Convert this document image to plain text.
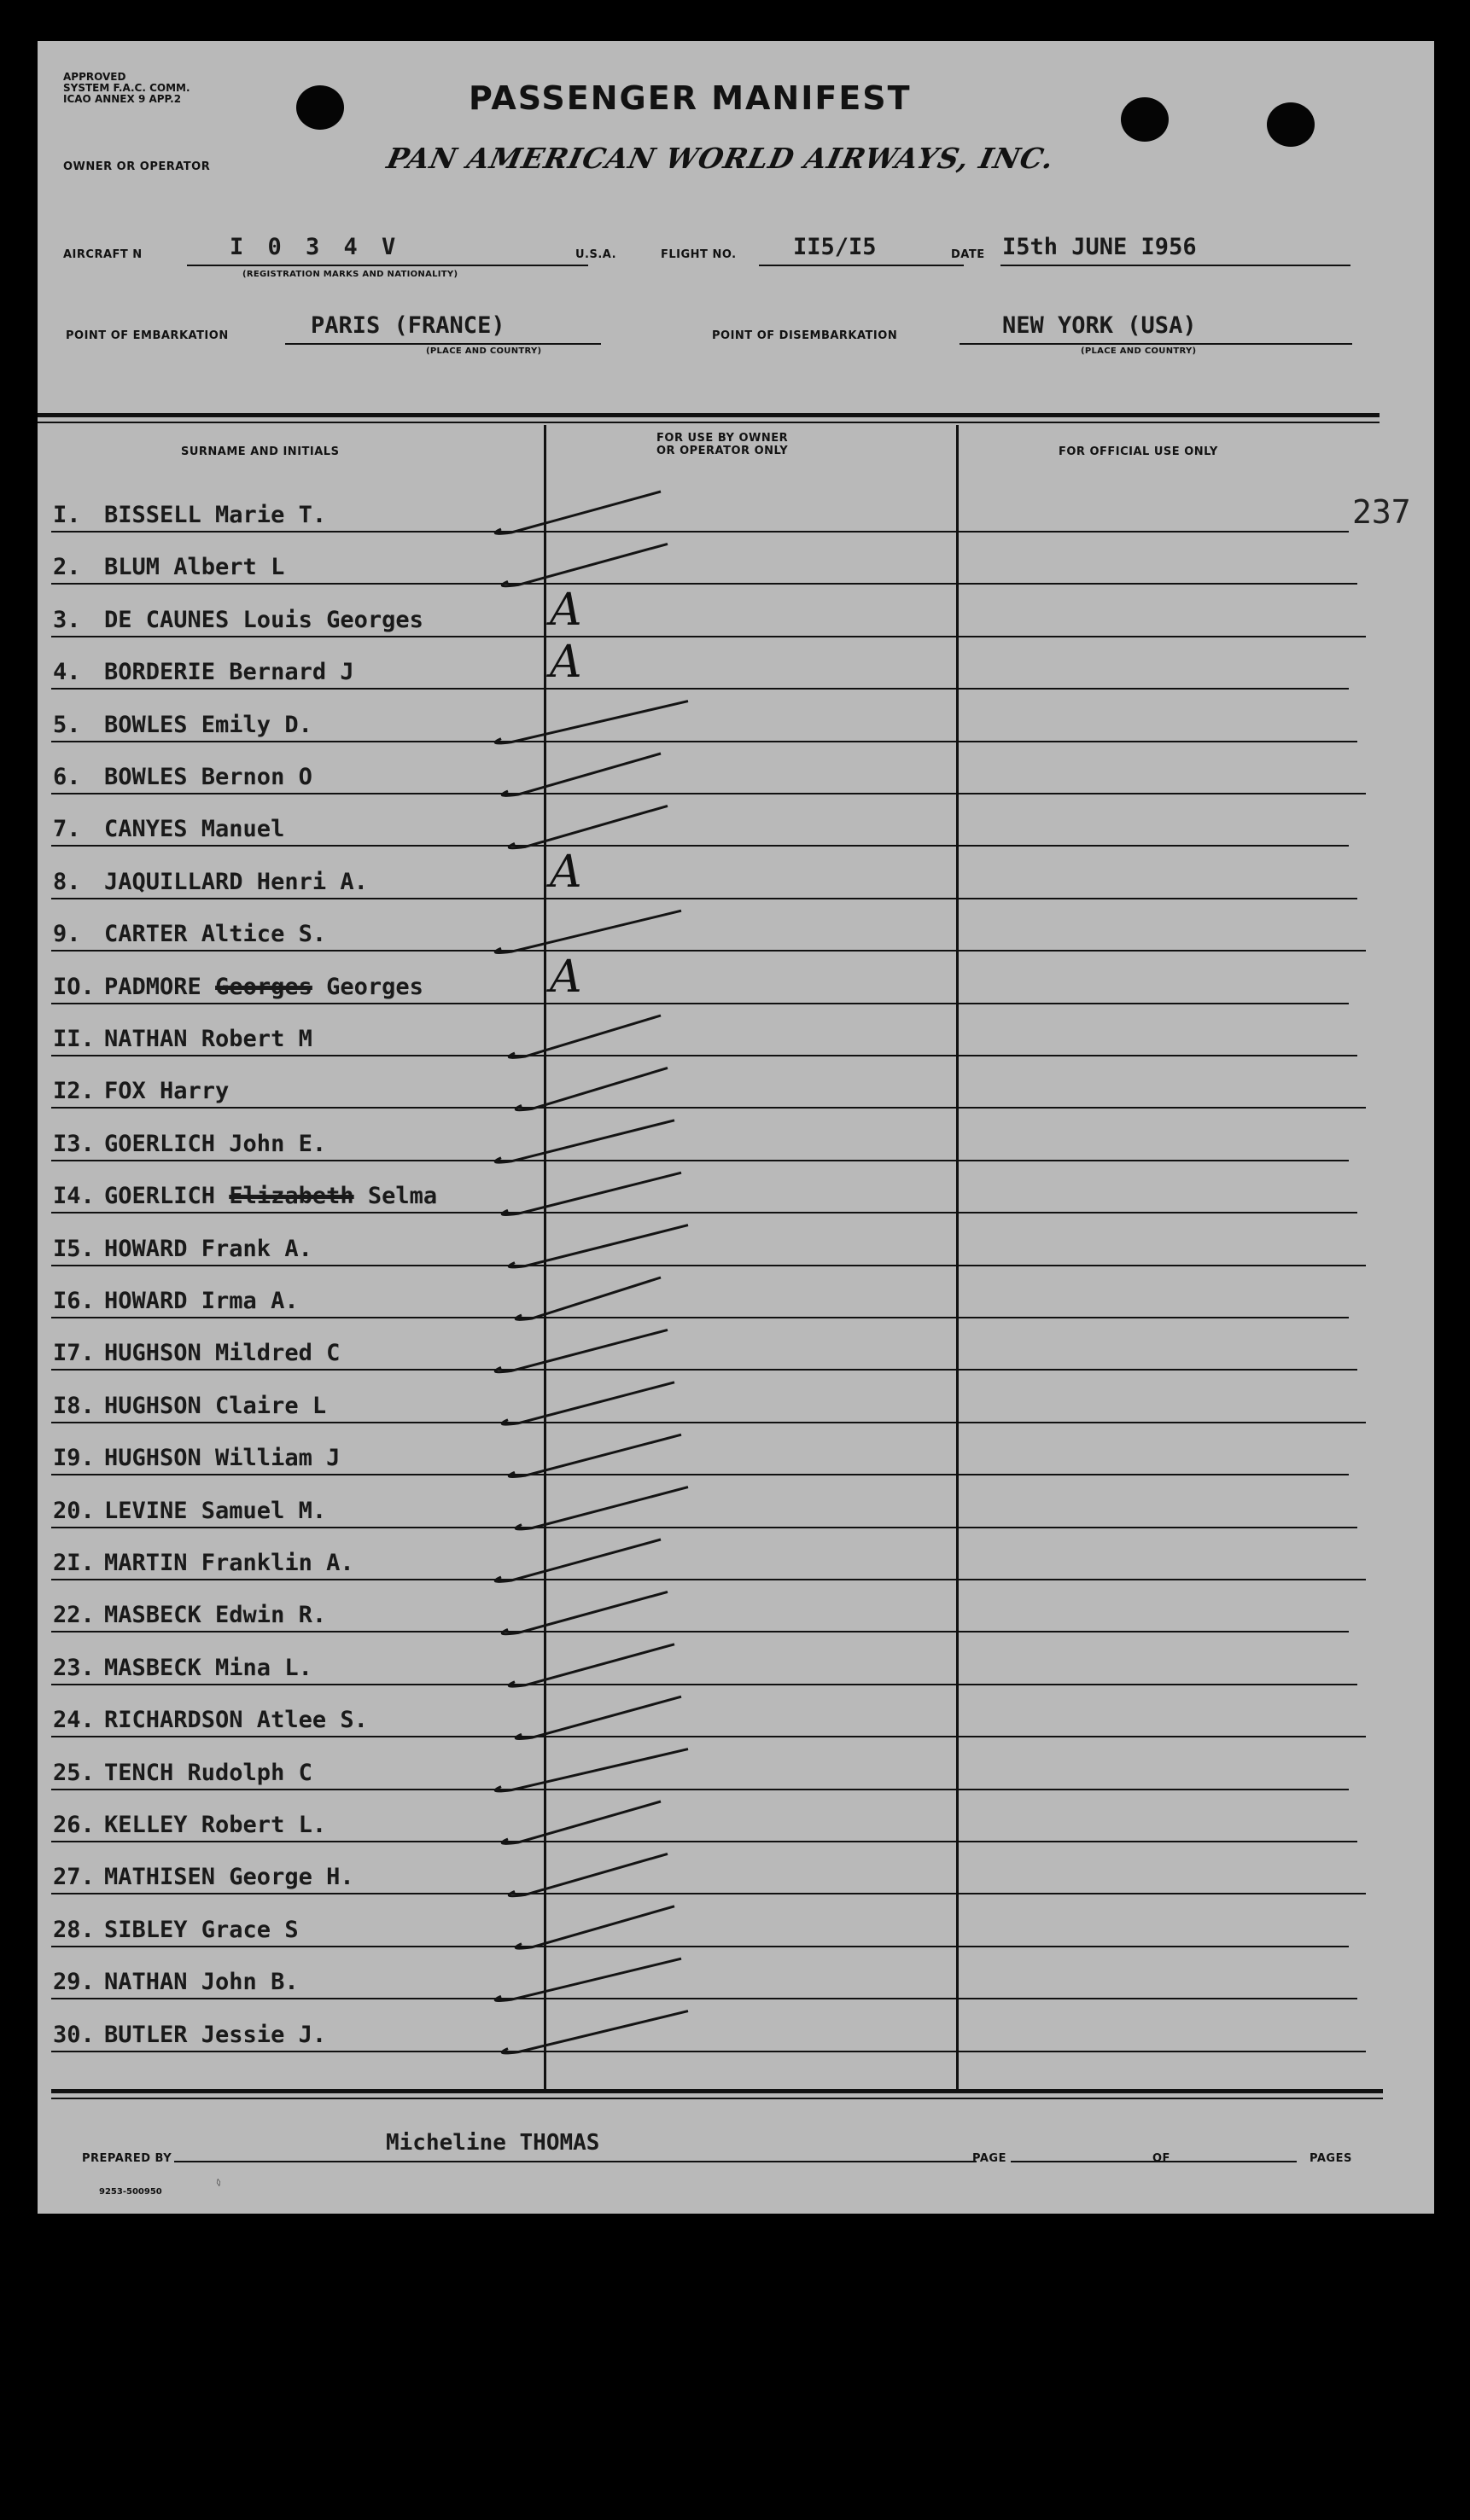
APPROVED
SYSTEM F.A.C. COMM.
ICAO ANNEX 9 APP.2	PASSENGER MANIFEST
OWNER OR OPERATOR	PAN AMERICAN WORLD AIRWAYS, INC.
AIRCRAFT N	I 0 3 4 V
(REGISTRATION MARKS AND NATIONALITY)
U.S.A.	FLIGHT NO. II5/I5	DATE I5th JUNE I956
POINT OF EMBARKATION	PARIS (FRANCE)
(PLACE AND COUNTRY)
POINT OF DISEMBARKATION	NEW YORK (USA)
(PLACE AND COUNTRY)
SURNAME AND INITIALS
FOR USE BY OWNER
OR OPERATOR ONLY	FOR OFFICIAL USE ONLY
237
I. BISSELL Marie T.
2. BLUM Albert L
3. DE CAUNES Louis Georges	A
4. BORDERIE Bernard J	A
5. BOWLES Emily D.
6. BOWLES Bernon O
7. CANYES Manuel
8. JAQUILLARD Henri A.	A
9. CARTER Altice S.
IO. PADMORE Georges Georges	A
II. NATHAN Robert M
I2. FOX Harry
I3. GOERLICH John E.
I4. GOERLICH Elizabeth Selma
I5. HOWARD Frank A.
I6. HOWARD Irma A.
I7. HUGHSON Mildred C
I8. HUGHSON Claire L
I9. HUGHSON William J
20. LEVINE Samuel M.
2I. MARTIN Franklin A.
22. MASBECK Edwin R.
23. MASBECK Mina L.
24. RICHARDSON Atlee S.
25. TENCH Rudolph C
26. KELLEY Robert L.
27. MATHISEN George H.
28. SIBLEY Grace S
29. NATHAN John B.
30. BUTLER Jessie J.
PREPARED BY
Micheline THOMAS
PAGE	OF	PAGES
9253-500950
◊
